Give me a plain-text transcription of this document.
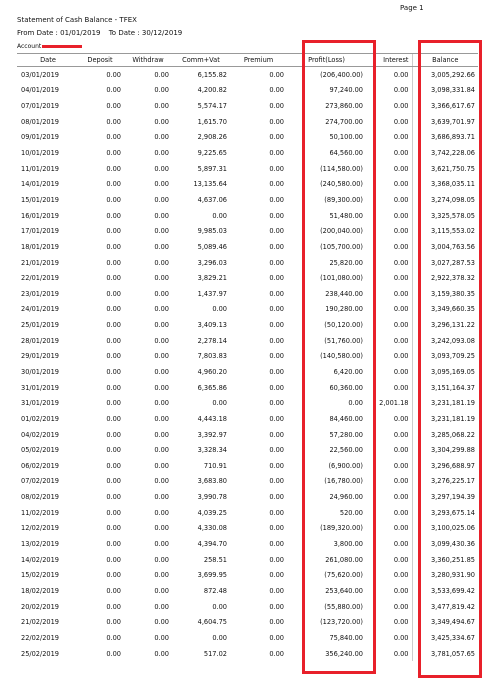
Page 1
Statement of Cash Balance - TFEX
From Date : 01/01/2019 To Date : 30/12/2019
Account
Date	Deposit	Withdraw	Comm+Vat	Premium	Profit(Loss)	Interest	Balance
03/01/2019	0.00	0.00	6,155.82	0.00	(206,400.00)	0.00	3,005,292.66
04/01/2019	0.00	0.00	4,200.82	0.00	97,240.00	0.00	3,098,331.84
07/01/2019	0.00	0.00	5,574.17	0.00	273,860.00	0.00	3,366,617.67
08/01/2019	0.00	0.00	1,615.70	0.00	274,700.00	0.00	3,639,701.97
09/01/2019	0.00	0.00	2,908.26	0.00	50,100.00	0.00	3,686,893.71
10/01/2019	0.00	0.00	9,225.65	0.00	64,560.00	0.00	3,742,228.06
11/01/2019	0.00	0.00	5,897.31	0.00	(114,580.00)	0.00	3,621,750.75
14/01/2019	0.00	0.00	13,135.64	0.00	(240,580.00)	0.00	3,368,035.11
15/01/2019	0.00	0.00	4,637.06	0.00	(89,300.00)	0.00	3,274,098.05
16/01/2019	0.00	0.00	0.00	0.00	51,480.00	0.00	3,325,578.05
17/01/2019	0.00	0.00	9,985.03	0.00	(200,040.00)	0.00	3,115,553.02
18/01/2019	0.00	0.00	5,089.46	0.00	(105,700.00)	0.00	3,004,763.56
21/01/2019	0.00	0.00	3,296.03	0.00	25,820.00	0.00	3,027,287.53
22/01/2019	0.00	0.00	3,829.21	0.00	(101,080.00)	0.00	2,922,378.32
23/01/2019	0.00	0.00	1,437.97	0.00	238,440.00	0.00	3,159,380.35
24/01/2019	0.00	0.00	0.00	0.00	190,280.00	0.00	3,349,660.35
25/01/2019	0.00	0.00	3,409.13	0.00	(50,120.00)	0.00	3,296,131.22
28/01/2019	0.00	0.00	2,278.14	0.00	(51,760.00)	0.00	3,242,093.08
29/01/2019	0.00	0.00	7,803.83	0.00	(140,580.00)	0.00	3,093,709.25
30/01/2019	0.00	0.00	4,960.20	0.00	6,420.00	0.00	3,095,169.05
31/01/2019	0.00	0.00	6,365.86	0.00	60,360.00	0.00	3,151,164.37
31/01/2019	0.00	0.00	0.00	0.00	0.00	2,001.18	3,231,181.19
01/02/2019	0.00	0.00	4,443.18	0.00	84,460.00	0.00	3,231,181.19
04/02/2019	0.00	0.00	3,392.97	0.00	57,280.00	0.00	3,285,068.22
05/02/2019	0.00	0.00	3,328.34	0.00	22,560.00	0.00	3,304,299.88
06/02/2019	0.00	0.00	710.91	0.00	(6,900.00)	0.00	3,296,688.97
07/02/2019	0.00	0.00	3,683.80	0.00	(16,780.00)	0.00	3,276,225.17
08/02/2019	0.00	0.00	3,990.78	0.00	24,960.00	0.00	3,297,194.39
11/02/2019	0.00	0.00	4,039.25	0.00	520.00	0.00	3,293,675.14
12/02/2019	0.00	0.00	4,330.08	0.00	(189,320.00)	0.00	3,100,025.06
13/02/2019	0.00	0.00	4,394.70	0.00	3,800.00	0.00	3,099,430.36
14/02/2019	0.00	0.00	258.51	0.00	261,080.00	0.00	3,360,251.85
15/02/2019	0.00	0.00	3,699.95	0.00	(75,620.00)	0.00	3,280,931.90
18/02/2019	0.00	0.00	872.48	0.00	253,640.00	0.00	3,533,699.42
20/02/2019	0.00	0.00	0.00	0.00	(55,880.00)	0.00	3,477,819.42
21/02/2019	0.00	0.00	4,604.75	0.00	(123,720.00)	0.00	3,349,494.67
22/02/2019	0.00	0.00	0.00	0.00	75,840.00	0.00	3,425,334.67
25/02/2019	0.00	0.00	517.02	0.00	356,240.00	0.00	3,781,057.65
